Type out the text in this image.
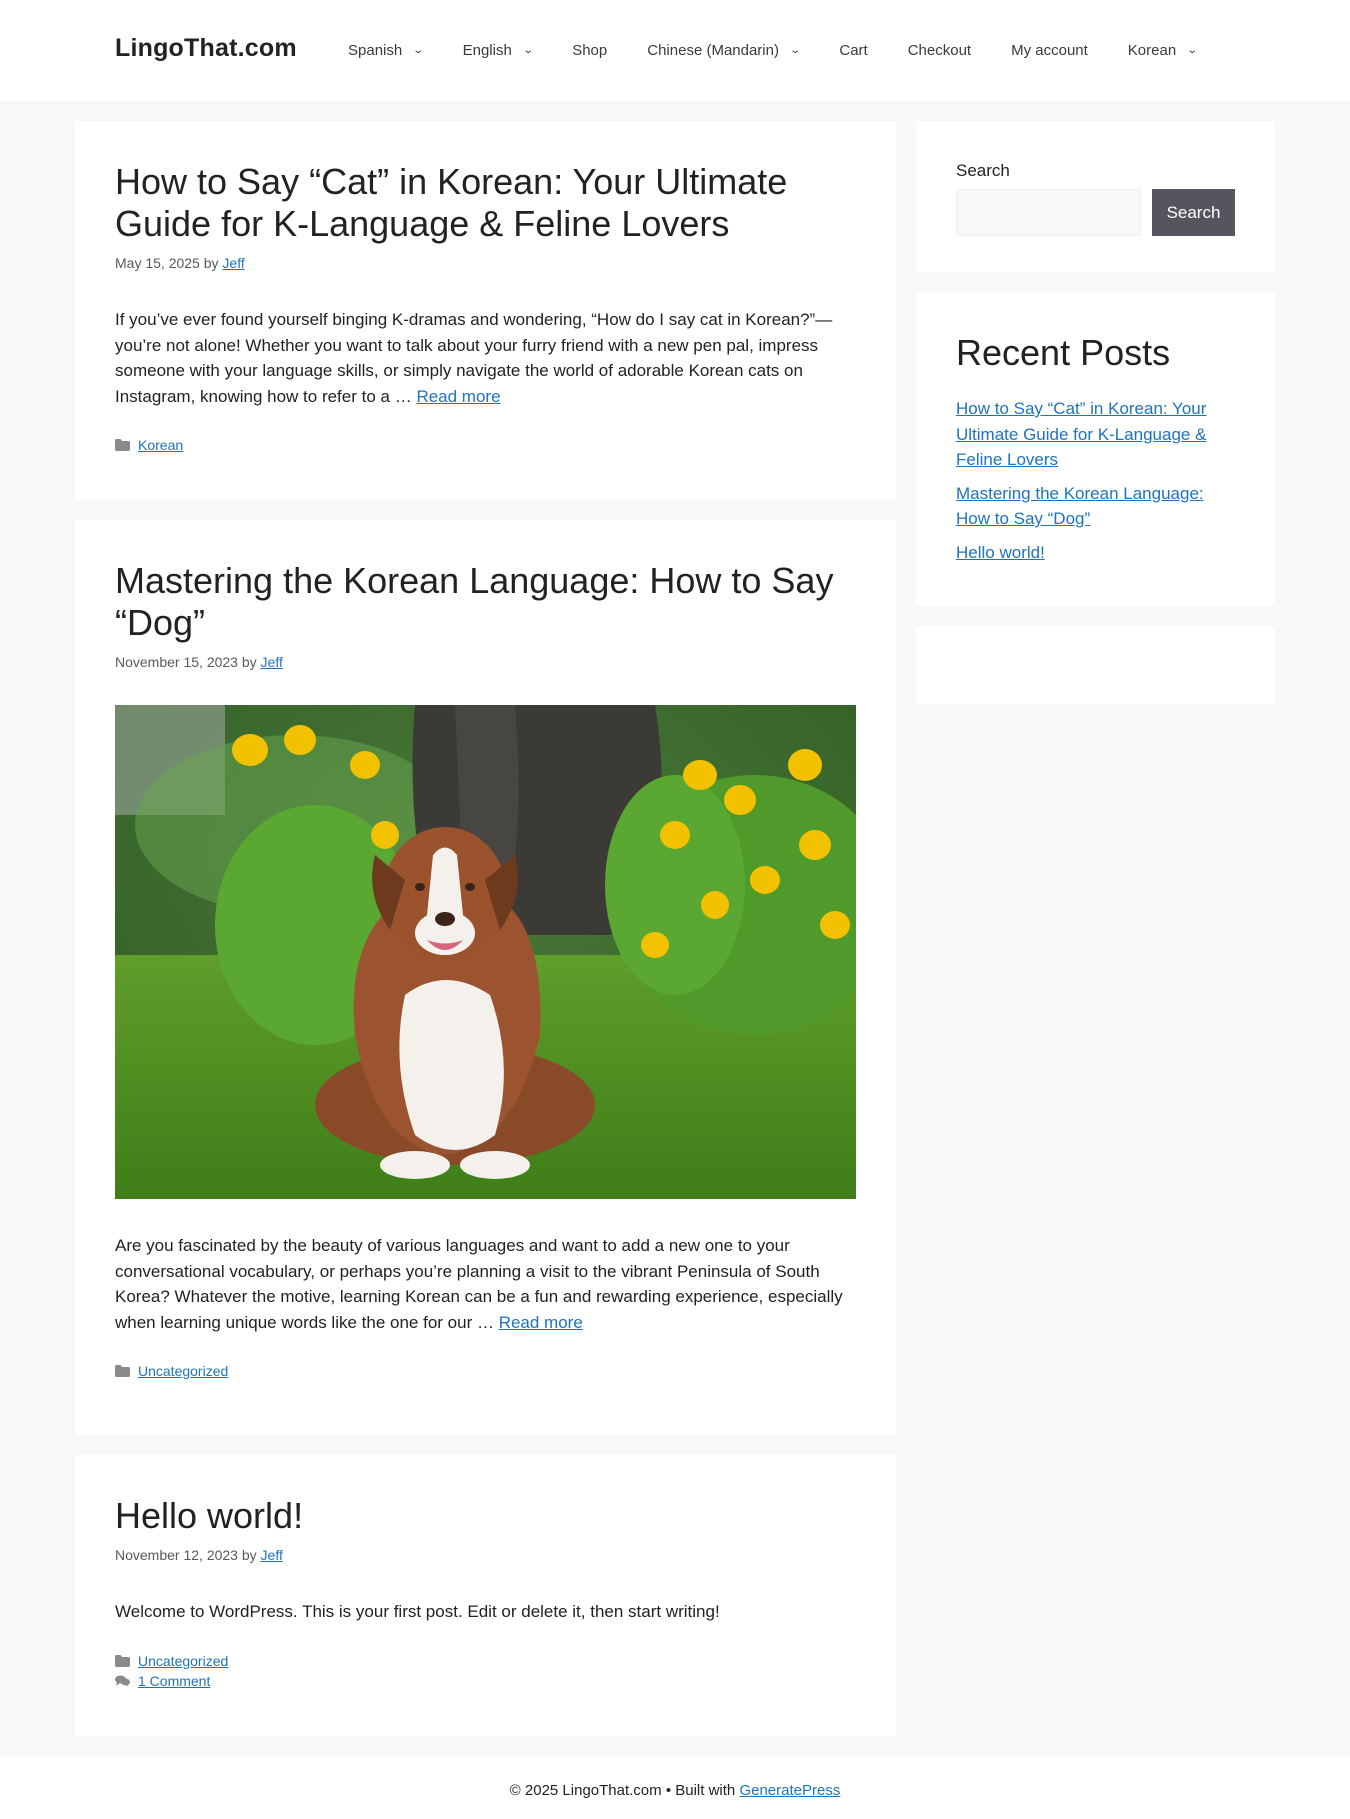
LingoThat.com	Spanish ⌄	English ⌄	Shop	Chinese (Mandarin) ⌄	Cart	Checkout	My account	Korean ⌄
How to Say “Cat” in Korean: Your Ultimate Guide for K-Language & Feline Lovers
May 15, 2025 by Jeff

If you’ve ever found yourself binging K-dramas and wondering, “How do I say cat in Korean?”—you’re not alone! Whether you want to talk about your furry friend with a new pen pal, impress someone with your language skills, or simply navigate the world of adorable Korean cats on Instagram, knowing how to refer to a … Read more

Korean
Mastering the Korean Language: How to Say “Dog”
November 15, 2023 by Jeff

Are you fascinated by the beauty of various languages and want to add a new one to your conversational vocabulary, or perhaps you’re planning a visit to the vibrant Peninsula of South Korea? Whatever the motive, learning Korean can be a fun and rewarding experience, especially when learning unique words like the one for our … Read more

Uncategorized
Hello world!
November 12, 2023 by Jeff

Welcome to WordPress. This is your first post. Edit or delete it, then start writing!

Uncategorized
1 Comment
Search
Search
Recent Posts
How to Say “Cat” in Korean: Your Ultimate Guide for K-Language & Feline Lovers
Mastering the Korean Language: How to Say “Dog”
Hello world!
© 2025 LingoThat.com • Built with GeneratePress
